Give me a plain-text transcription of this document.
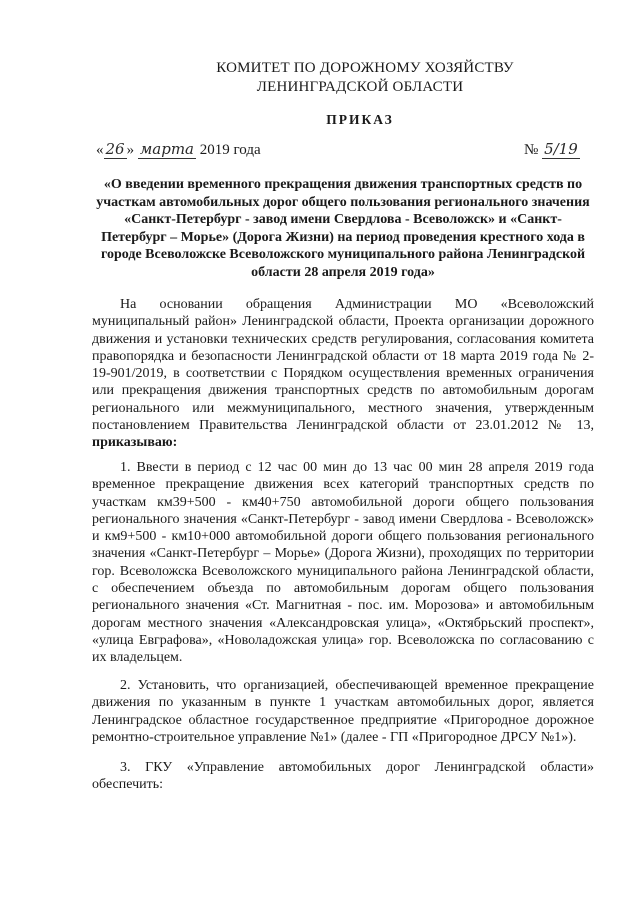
КОМИТЕТ ПО ДОРОЖНОМУ ХОЗЯЙСТВУ
ЛЕНИНГРАДСКОЙ ОБЛАСТИ
ПРИКАЗ
« 26 » марта 2019 года	№ 5/19
«О введении временного прекращения движения транспортных средств по участкам автомобильных дорог общего пользования регионального значения «Санкт-Петербург - завод имени Свердлова - Всеволожск» и «Санкт-Петербург – Морье» (Дорога Жизни) на период проведения крестного хода в городе Всеволожске Всеволожского муниципального района Ленинградской области 28 апреля 2019 года»
На основании обращения Администрации МО «Всеволожский муниципальный район» Ленинградской области, Проекта организации дорожного движения и установки технических средств регулирования, согласования комитета правопорядка и безопасности Ленинградской области от 18 марта 2019 года № 2-19-901/2019, в соответствии с Порядком осуществления временных ограничения или прекращения движения транспортных средств по автомобильным дорогам регионального или межмуниципального, местного значения, утвержденным постановлением Правительства Ленинградской области от 23.01.2012 № 13, приказываю:
1. Ввести в период с 12 час 00 мин до 13 час 00 мин 28 апреля 2019 года временное прекращение движения всех категорий транспортных средств по участкам км39+500 - км40+750 автомобильной дороги общего пользования регионального значения «Санкт-Петербург - завод имени Свердлова - Всеволожск» и км9+500 - км10+000 автомобильной дороги общего пользования регионального значения «Санкт-Петербург – Морье» (Дорога Жизни), проходящих по территории гор. Всеволожска Всеволожского муниципального района Ленинградской области, с обеспечением объезда по автомобильным дорогам общего пользования регионального значения «Ст. Магнитная - пос. им. Морозова» и автомобильным дорогам местного значения «Александровская улица», «Октябрьский проспект», «улица Евграфова», «Новоладожская улица» гор. Всеволожска по согласованию с их владельцем.
2. Установить, что организацией, обеспечивающей временное прекращение движения по указанным в пункте 1 участкам автомобильных дорог, является Ленинградское областное государственное предприятие «Пригородное дорожное ремонтно-строительное управление №1» (далее - ГП «Пригородное ДРСУ №1»).
3. ГКУ «Управление автомобильных дорог Ленинградской области» обеспечить:
